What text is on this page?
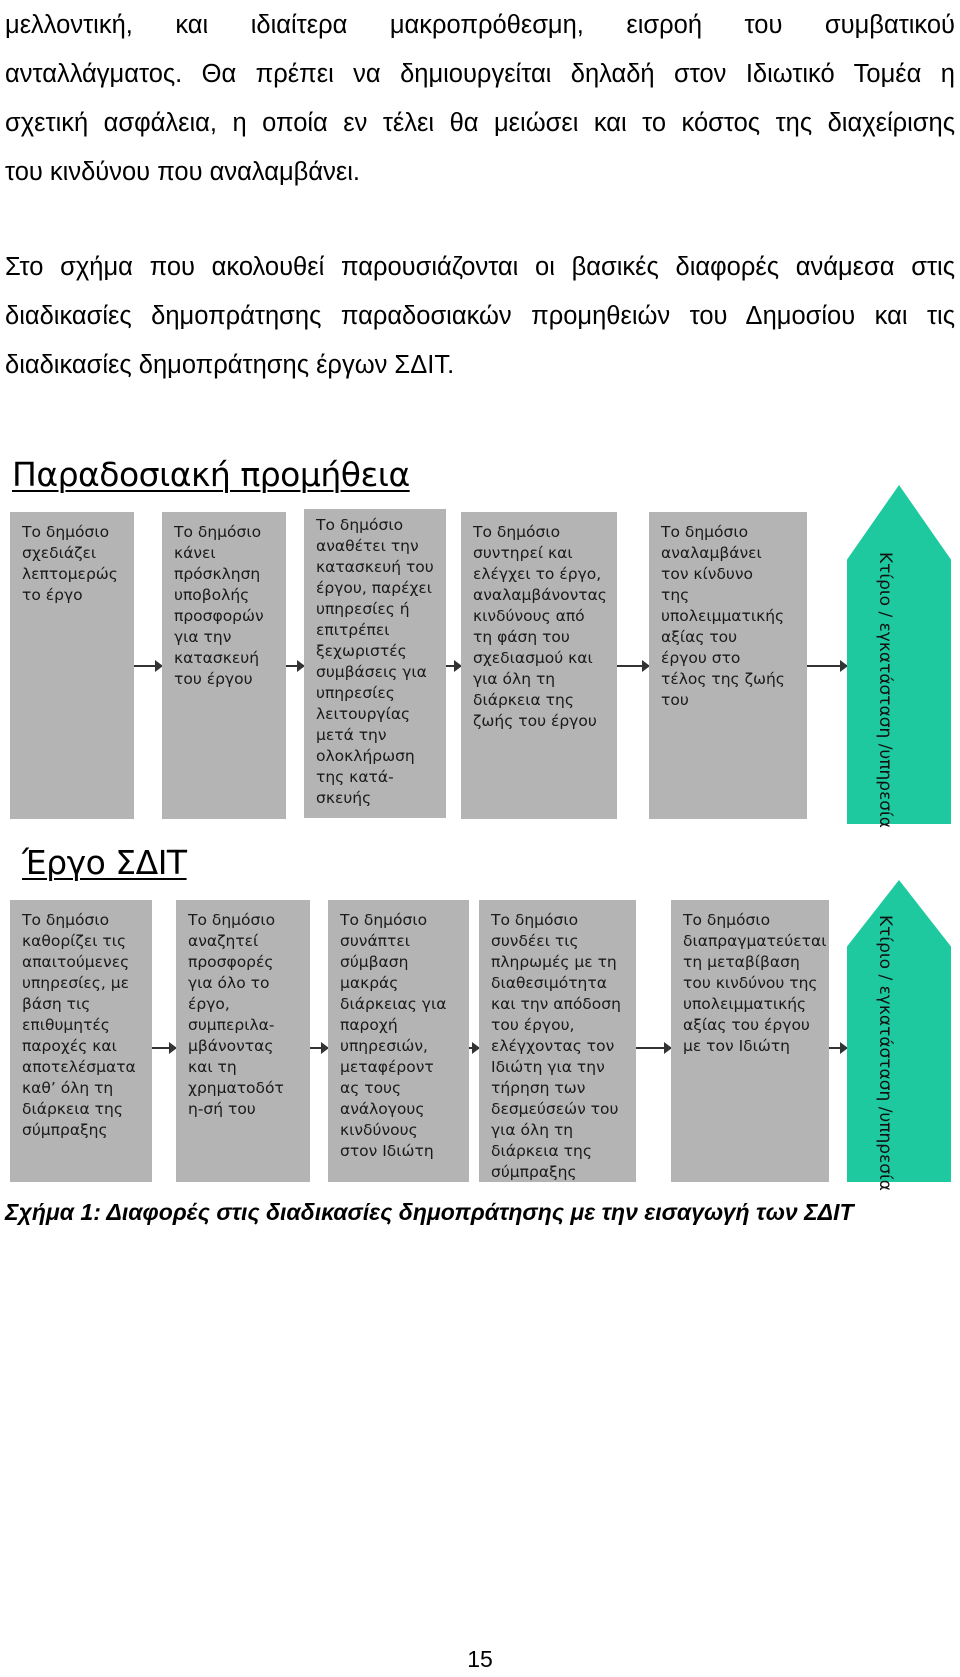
μελλοντική, και ιδιαίτερα μακροπρόθεσμη, εισροή του συμβατικού
ανταλλάγματος. Θα πρέπει να δημιουργείται δηλαδή στον Ιδιωτικό Τομέα η
σχετική ασφάλεια, η οποία εν τέλει θα μειώσει και το κόστος της διαχείρισης
του κινδύνου που αναλαμβάνει.
Στο σχήμα που ακολουθεί παρουσιάζονται οι βασικές διαφορές ανάμεσα στις
διαδικασίες δημοπράτησης παραδοσιακών προμηθειών του Δημοσίου και τις
διαδικασίες δημοπράτησης έργων ΣΔΙΤ.
Παραδοσιακή προμήθεια
Το δημόσιο
σχεδιάζει
λεπτομερώς
το έργο
Το δημόσιο
κάνει
πρόσκληση
υποβολής
προσφορών
για την
κατασκευή
του έργου
Το δημόσιο
αναθέτει την
κατασκευή του
έργου, παρέχει
υπηρεσίες ή
επιτρέπει
ξεχωριστές
συμβάσεις για
υπηρεσίες
λειτουργίας
μετά την
ολοκλήρωση
της κατά-
σκευής
Το δημόσιο
συντηρεί και
ελέγχει το έργο,
αναλαμβάνοντας
κινδύνους από
τη φάση του
σχεδιασμού και
για όλη τη
διάρκεια της
ζωής του έργου
Το δημόσιο
αναλαμβάνει
τον κίνδυνο
της
υπολειμματικής
αξίας του
έργου στο
τέλος της ζωής
του	Κτίριο / εγκατάσταση /υπηρεσία
Έργο ΣΔΙΤ
Το δημόσιο
καθορίζει τις
απαιτούμενες
υπηρεσίες, με
βάση τις
επιθυμητές
παροχές και
αποτελέσματα
καθ’ όλη τη
διάρκεια της
σύμπραξης
Το δημόσιο
αναζητεί
προσφορές
για όλο το
έργο,
συμπεριλα-
μβάνοντας
και τη
χρηματοδότ
η-σή του
Το δημόσιο
συνάπτει
σύμβαση
μακράς
διάρκειας για
παροχή
υπηρεσιών,
μεταφέροντ
ας τους
ανάλογους
κινδύνους
στον Ιδιώτη
Το δημόσιο
συνδέει τις
πληρωμές με τη
διαθεσιμότητα
και την απόδοση
του έργου,
ελέγχοντας τον
Ιδιώτη για την
τήρηση των
δεσμεύσεών του
για όλη τη
διάρκεια της
σύμπραξης
Το δημόσιο
διαπραγματεύεται
τη μεταβίβαση
του κινδύνου της
υπολειμματικής
αξίας του έργου
με τον Ιδιώτη	Κτίριο / εγκατάσταση /υπηρεσία
Σχήμα 1: Διαφορές στις διαδικασίες δημοπράτησης με την εισαγωγή των ΣΔΙΤ
15
